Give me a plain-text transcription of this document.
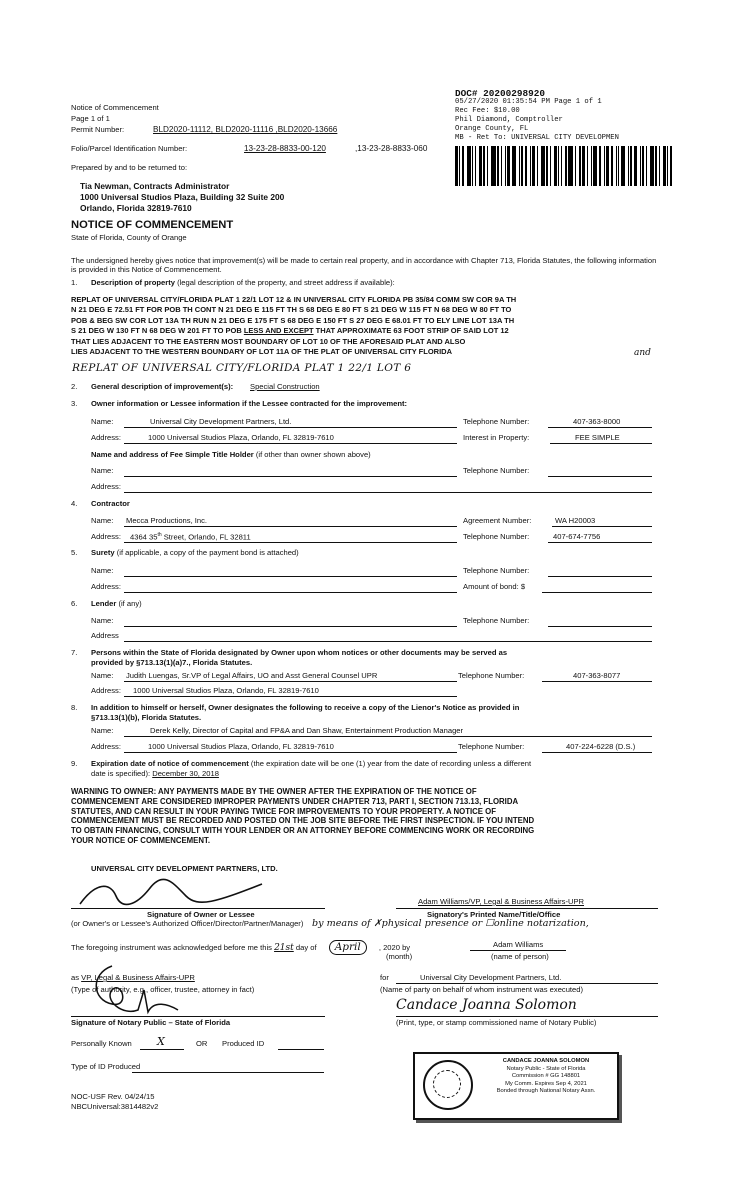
Notice of Commencement
Page 1 of 1
Permit Number:	BLD2020-11112, BLD2020-11116 ,BLD2020-13666
Folio/Parcel Identification Number:	13-23-28-8833-00-120	,13-23-28-8833-060
Prepared by and to be returned to:
DOC# 20200298920
05/27/2020 01:35:54 PM Page 1 of 1
Rec Fee: $10.00
Phil Diamond, Comptroller
Orange County, FL
MB - Ret To: UNIVERSAL CITY DEVELOPMEN
Tia Newman, Contracts Administrator
1000 Universal Studios Plaza, Building 32 Suite 200
Orlando, Florida 32819-7610
NOTICE OF COMMENCEMENT
State of Florida, County of Orange
The undersigned hereby gives notice that improvement(s) will be made to certain real property, and in accordance with Chapter 713, Florida Statutes, the following information is provided in this Notice of Commencement.
1. Description of property (legal description of the property, and street address if available):
REPLAT OF UNIVERSAL CITY/FLORIDA PLAT 1 22/1 LOT 12 & IN UNIVERSAL CITY FLORIDA PB 35/84 COMM SW COR 9A TH
N 21 DEG E 72.51 FT FOR POB TH CONT N 21 DEG E 115 FT TH S 68 DEG E 80 FT S 21 DEG W 115 FT N 68 DEG W 80 FT TO
POB & BEG SW COR LOT 13A TH RUN N 21 DEG E 175 FT S 68 DEG E 150 FT S 27 DEG E 68.01 FT TO ELY LINE LOT 13A TH
S 21 DEG W 130 FT N 68 DEG W 201 FT TO POB LESS AND EXCEPT THAT APPROXIMATE 63 FOOT STRIP OF SAID LOT 12
THAT LIES ADJACENT TO THE EASTERN MOST BOUNDARY OF LOT 10 OF THE AFORESAID PLAT AND ALSO
LIES ADJACENT TO THE WESTERN BOUNDARY OF LOT 11A OF THE PLAT OF UNIVERSAL CITY FLORIDA	and
REPLAT OF UNIVERSAL CITY/FLORIDA PLAT 1 22/1 LOT 6
2. General description of improvement(s): Special Construction
3. Owner information or Lessee information if the Lessee contracted for the improvement:
Name:	Universal City Development Partners, Ltd.	Telephone Number:	407-363-8000
Address:	1000 Universal Studios Plaza, Orlando, FL 32819-7610	Interest in Property:	FEE SIMPLE
Name and address of Fee Simple Title Holder (if other than owner shown above)
Name:	Telephone Number:
Address:
4. Contractor
Name: Mecca Productions, Inc.	Agreement Number:	WA H20003
Address: 4364 35th Street, Orlando, FL 32811	Telephone Number:	407-674-7756
5. Surety (if applicable, a copy of the payment bond is attached)
Name:	Telephone Number:
Address:	Amount of bond: $
6. Lender (if any)
Name:	Telephone Number:
Address
7. Persons within the State of Florida designated by Owner upon whom notices or other documents may be served as
provided by §713.13(1)(a)7., Florida Statutes.
Name: Judith Luengas, Sr.VP of Legal Affairs, UO and Asst General Counsel UPR	Telephone Number:	407-363-8077
Address: 1000 Universal Studios Plaza, Orlando, FL 32819-7610
8. In addition to himself or herself, Owner designates the following to receive a copy of the Lienor's Notice as provided in
§713.13(1)(b), Florida Statutes.
Name:	Derek Kelly, Director of Capital and FP&A and Dan Shaw, Entertainment Production Manager
Address:	1000 Universal Studios Plaza, Orlando, FL 32819-7610	Telephone Number:	407-224-6228 (D.S.)
9. Expiration date of notice of commencement (the expiration date will be one (1) year from the date of recording unless a different
date is specified): December 30, 2018
WARNING TO OWNER: ANY PAYMENTS MADE BY THE OWNER AFTER THE EXPIRATION OF THE NOTICE OF
COMMENCEMENT ARE CONSIDERED IMPROPER PAYMENTS UNDER CHAPTER 713, PART I, SECTION 713.13, FLORIDA
STATUTES, AND CAN RESULT IN YOUR PAYING TWICE FOR IMPROVEMENTS TO YOUR PROPERTY. A NOTICE OF
COMMENCEMENT MUST BE RECORDED AND POSTED ON THE JOB SITE BEFORE THE FIRST INSPECTION. IF YOU INTEND
TO OBTAIN FINANCING, CONSULT WITH YOUR LENDER OR AN ATTORNEY BEFORE COMMENCING WORK OR RECORDING
YOUR NOTICE OF COMMENCEMENT.
UNIVERSAL CITY DEVELOPMENT PARTNERS, LTD.
Signature of Owner or Lessee
(or Owner's or Lessee's Authorized Officer/Director/Partner/Manager)
Adam Williams/VP, Legal & Business Affairs-UPR
Signatory's Printed Name/Title/Office
by means of ✗physical presence or ☐online notarization,
The foregoing instrument was acknowledged before me this 21st day of April , 2020 by	Adam Williams
(month)	(name of person)
as VP, Legal & Business Affairs-UPR	for	Universal City Development Partners, Ltd.
(Type of authority, e.g., officer, trustee, attorney in fact)	(Name of party on behalf of whom instrument was executed)
Candace Joanna Solomon
Signature of Notary Public – State of Florida	(Print, type, or stamp commissioned name of Notary Public)
Personally Known X	OR Produced ID
Type of ID Produced
CANDACE JOANNA SOLOMON
Notary Public - State of Florida
Commission # GG 148801
My Comm. Expires Sep 4, 2021
Bonded through National Notary Assn.
NOC-USF Rev. 04/24/15
NBCUniversal:3814482v2
